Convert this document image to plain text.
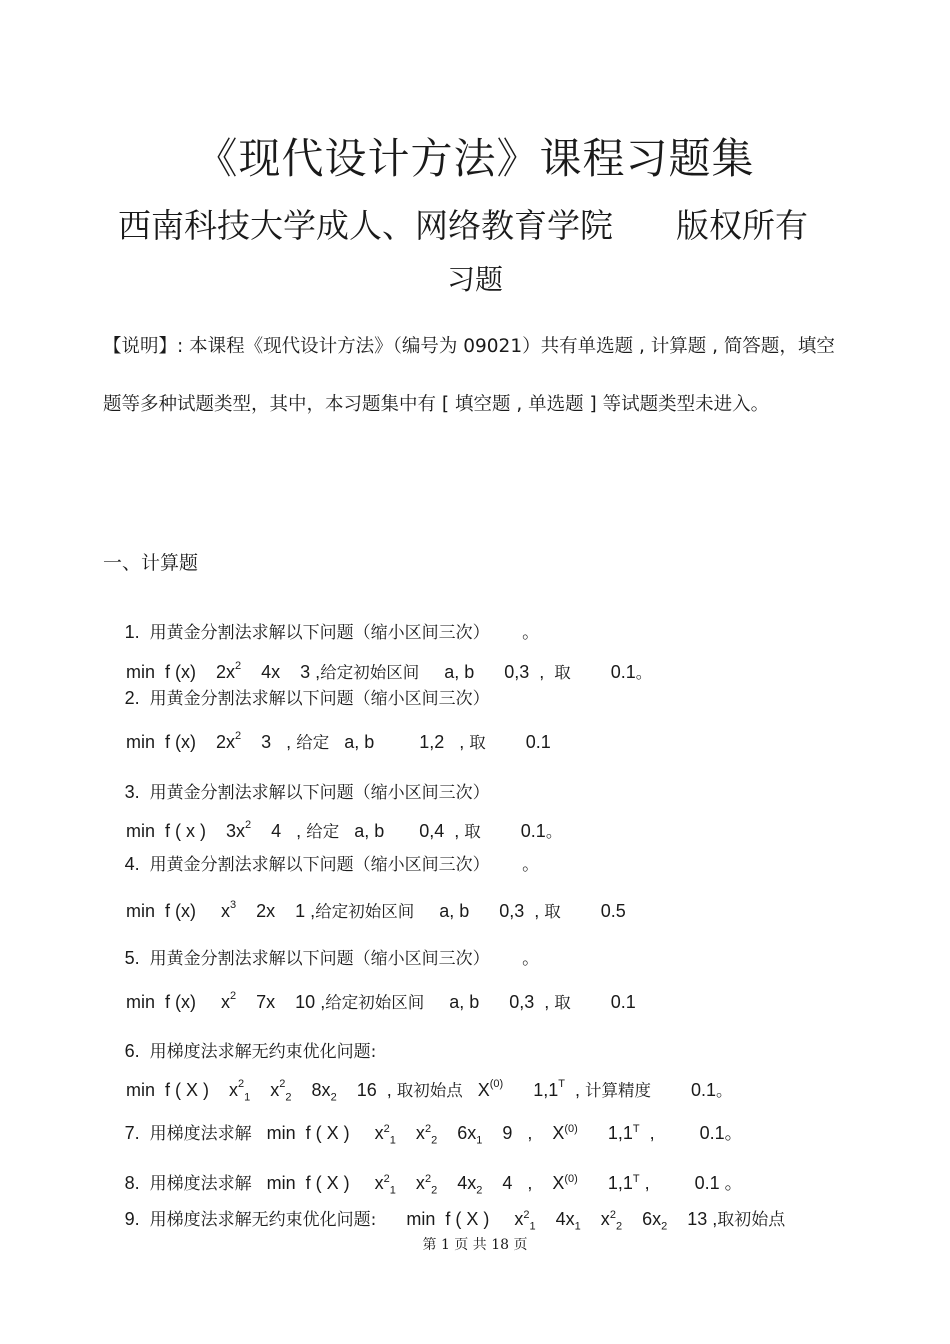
《现代设计方法》课程习题集
西南科技大学成人、网络教育学院      版权所有
习题
【说明】: 本课程《现代设计方法》（编号为 09021）共有单选题 , 计算题 , 简答题，填空题等多种试题类型，其中，本习题集中有 [ 填空题 , 单选题 ] 等试题类型未进入。
一、计算题

1. 用黄金分割法求解以下问题（缩小区间三次）      。

min  f (x)    $2x^2$    4x    3 ,给定初始区间     a, b      0,3  , 取        0.1。

2. 用黄金分割法求解以下问题（缩小区间三次）

min  f (x)    $2x^2$    3   , 给定   a, b         1,2   , 取        0.1

3. 用黄金分割法求解以下问题（缩小区间三次）

min  f ( x )    $3x^2$    4   , 给定   a, b       0,4  , 取        0.1。

4. 用黄金分割法求解以下问题（缩小区间三次）      。

min  f (x)     $x^3$    2x    1 ,给定初始区间     a, b      0,3  , 取        0.5

5. 用黄金分割法求解以下问题（缩小区间三次）      。

min  f (x)     $x^2$    7x    10 ,给定初始区间     a, b      0,3  , 取        0.1

6. 用梯度法求解无约束优化问题:

min  f ( X )    $x^2_1$    $x^2_2$    $8x_2$    16  , 取初始点   $X^{(0)}$      $1,1^T$  , 计算精度        0.1。

7. 用梯度法求解 min  f ( X )     $x^2_1$    $x^2_2$    $6x_1$    9   ,    $X^{(0)}$      $1,1^T$  ,         0.1。

8. 用梯度法求解 min  f ( X )     $x^2_1$    $x^2_2$    $4x_2$    4   ,    $X^{(0)}$      $1,1^T$ ,         0.1 。

9. 用梯度法求解无约束优化问题: min  f ( X )     $x^2_1$    $4x_1$    $x^2_2$    $6x_2$    13 ,取初始点

第 1 页 共 18 页
